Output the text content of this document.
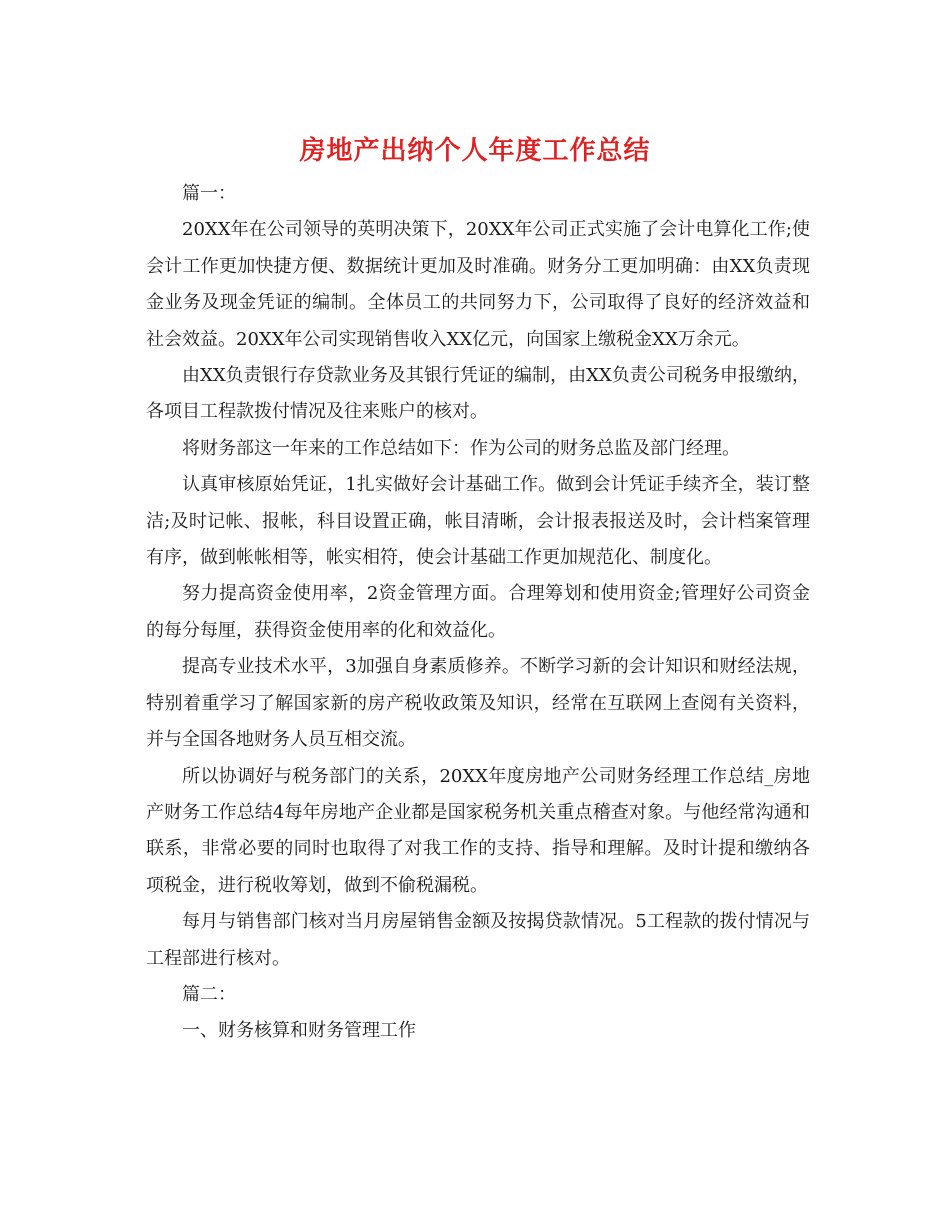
房地产出纳个人年度工作总结

篇一：

20XX年在公司领导的英明决策下，20XX年公司正式实施了会计电算化工作;使会计工作更加快捷方便、数据统计更加及时准确。财务分工更加明确：由XX负责现金业务及现金凭证的编制。全体员工的共同努力下，公司取得了良好的经济效益和社会效益。20XX年公司实现销售收入XX亿元，向国家上缴税金XX万余元。

由XX负责银行存贷款业务及其银行凭证的编制，由XX负责公司税务申报缴纳，各项目工程款拨付情况及往来账户的核对。

将财务部这一年来的工作总结如下：作为公司的财务总监及部门经理。

认真审核原始凭证，1扎实做好会计基础工作。做到会计凭证手续齐全，装订整洁;及时记帐、报帐，科目设置正确，帐目清晰，会计报表报送及时，会计档案管理有序，做到帐帐相等，帐实相符，使会计基础工作更加规范化、制度化。

努力提高资金使用率，2资金管理方面。合理筹划和使用资金;管理好公司资金的每分每厘，获得资金使用率的化和效益化。

提高专业技术水平，3加强自身素质修养。不断学习新的会计知识和财经法规，特别着重学习了解国家新的房产税收政策及知识，经常在互联网上查阅有关资料，并与全国各地财务人员互相交流。

所以协调好与税务部门的关系，20XX年度房地产公司财务经理工作总结_房地产财务工作总结4每年房地产企业都是国家税务机关重点稽查对象。与他经常沟通和联系，非常必要的同时也取得了对我工作的支持、指导和理解。及时计提和缴纳各项税金，进行税收筹划，做到不偷税漏税。

每月与销售部门核对当月房屋销售金额及按揭贷款情况。5工程款的拨付情况与工程部进行核对。

篇二：

一、财务核算和财务管理工作
